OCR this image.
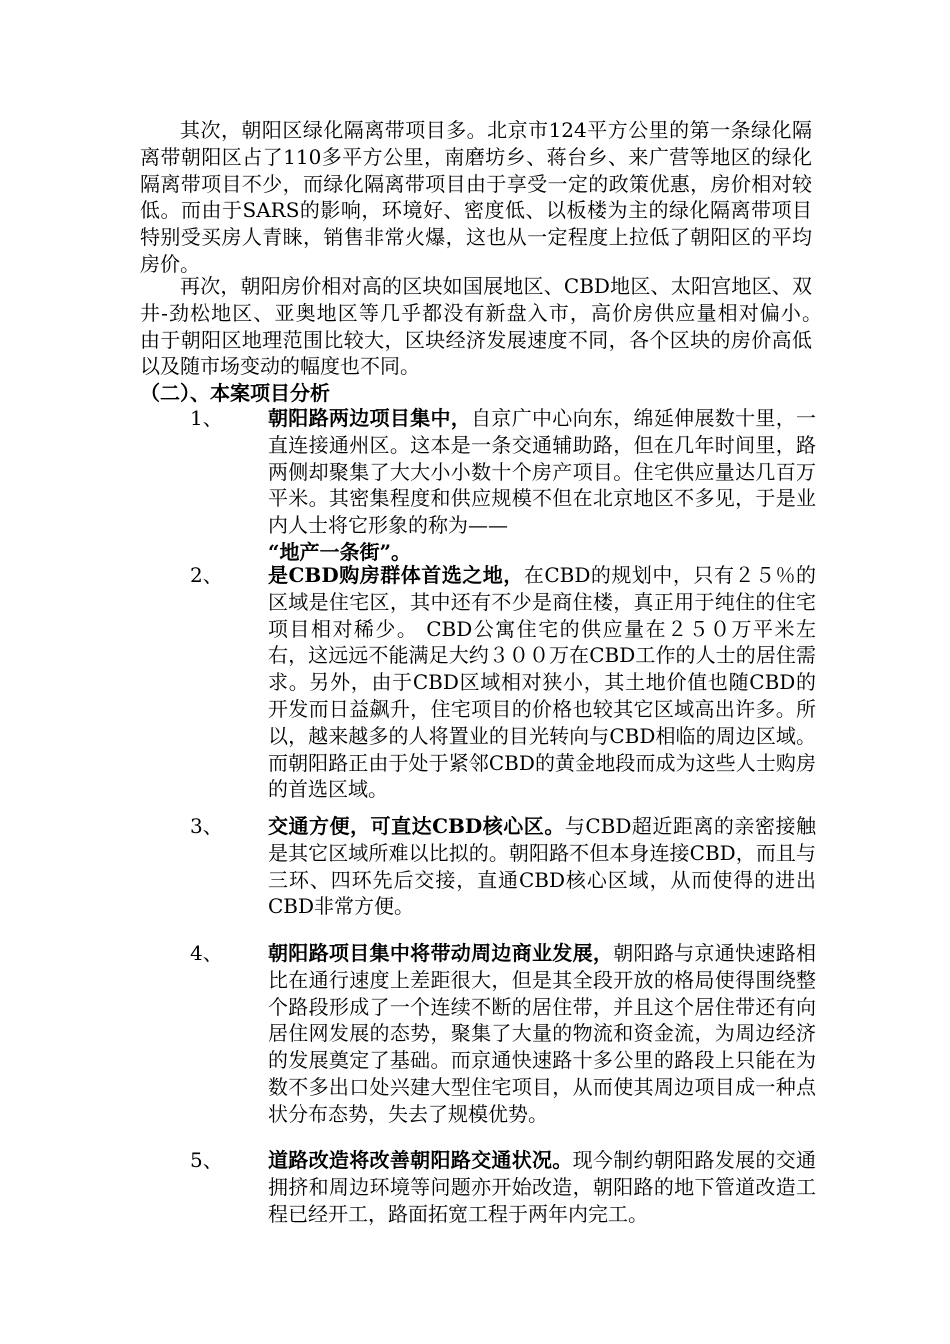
其次，朝阳区绿化隔离带项目多。北京市124平方公里的第一条绿化隔离带朝阳区占了110多平方公里，南磨坊乡、蒋台乡、来广营等地区的绿化隔离带项目不少，而绿化隔离带项目由于享受一定的政策优惠，房价相对较低。而由于SARS的影响，环境好、密度低、以板楼为主的绿化隔离带项目特别受买房人青睐，销售非常火爆，这也从一定程度上拉低了朝阳区的平均房价。

再次，朝阳房价相对高的区块如国展地区、CBD地区、太阳宫地区、双井-劲松地区、亚奥地区等几乎都没有新盘入市，高价房供应量相对偏小。　由于朝阳区地理范围比较大，区块经济发展速度不同，各个区块的房价高低以及随市场变动的幅度也不同。

（二）、本案项目分析
1、 朝阳路两边项目集中，自京广中心向东，绵延伸展数十里，一直连接通州区。这本是一条交通辅助路，但在几年时间里，路两侧却聚集了大大小小数十个房产项目。住宅供应量达几百万平米。其密集程度和供应规模不但在北京地区不多见，于是业内人士将它形象的称为——
“地产一条街”。

2、 是CBD购房群体首选之地，在CBD的规划中，只有２５％的区域是住宅区，其中还有不少是商住楼，真正用于纯住的住宅项目相对稀少。 CBD公寓住宅的供应量在２５０万平米左右，这远远不能满足大约３００万在CBD工作的人士的居住需求。另外，由于CBD区域相对狭小，其土地价值也随CBD的开发而日益飙升，住宅项目的价格也较其它区域高出许多。所以，越来越多的人将置业的目光转向与CBD相临的周边区域。而朝阳路正由于处于紧邻CBD的黄金地段而成为这些人士购房的首选区域。

3、 交通方便，可直达CBD核心区。与CBD超近距离的亲密接触是其它区域所难以比拟的。朝阳路不但本身连接CBD，而且与三环、四环先后交接，直通CBD核心区域，从而使得的进出CBD非常方便。

4、 朝阳路项目集中将带动周边商业发展，朝阳路与京通快速路相比在通行速度上差距很大，但是其全段开放的格局使得围绕整个路段形成了一个连续不断的居住带，并且这个居住带还有向居住网发展的态势，聚集了大量的物流和资金流，为周边经济的发展奠定了基础。而京通快速路十多公里的路段上只能在为数不多出口处兴建大型住宅项目，从而使其周边项目成一种点状分布态势，失去了规模优势。

5、 道路改造将改善朝阳路交通状况。现今制约朝阳路发展的交通拥挤和周边环境等问题亦开始改造，朝阳路的地下管道改造工程已经开工，路面拓宽工程于两年内完工。
